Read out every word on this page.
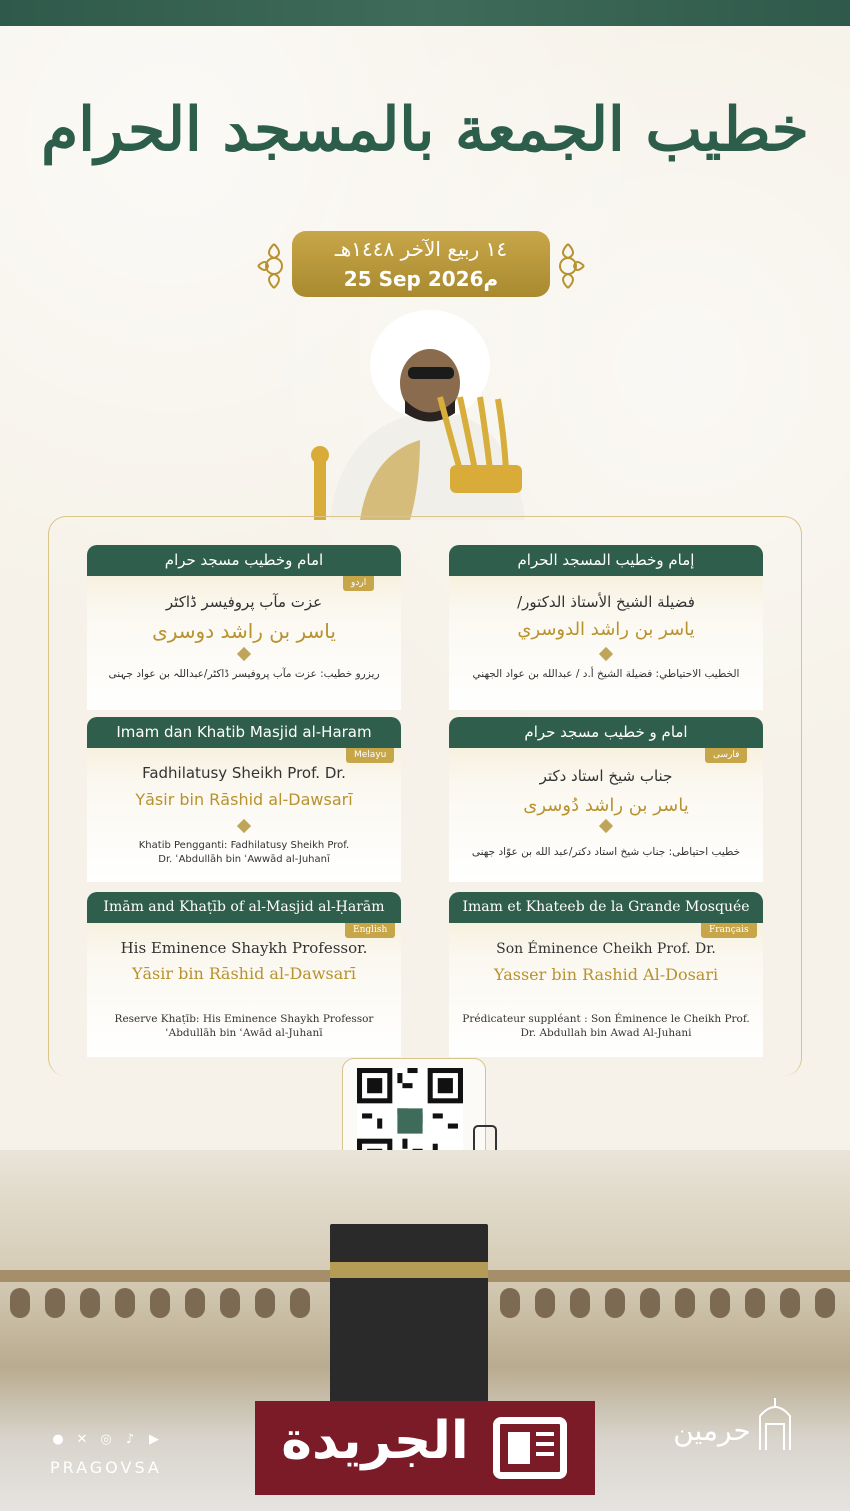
خطيب الجمعة بالمسجد الحرام
١٤ ربيع الآخر ١٤٤٨هـ
25 Sep 2026م
امام وخطیب مسجد حرام
اردو
عزت مآب پروفیسر ڈاکٹر
یاسر بن راشد دوسری
ریزرو خطیب: عزت مآب پروفیسر ڈاکٹر/عبداللہ بن عواد جہنی
إمام وخطيب المسجد الحرام
فضيلة الشيخ الأستاذ الدكتور/
ياسر بن راشد الدوسري
الخطيب الاحتياطي: فضيلة الشيخ أ.د / عبدالله بن عواد الجهني
Imam dan Khatib Masjid al-Haram
Melayu
Fadhilatusy Sheikh Prof. Dr.
Yāsir bin Rāshid al-Dawsarī
Khatib Pengganti: Fadhilatusy Sheikh Prof.
Dr. ʿAbdullāh bin ʿAwwād al-Juhanī
امام و خطیب مسجد حرام
فارسی
جناب شیخ استاد دکتر
یاسر بن راشد دُوسری
خطیب احتیاطی: جناب شیخ استاد دکتر/عبد الله بن عوّاد جهنی
Imām and Khaṭīb of al-Masjid al-Ḥarām
English
His Eminence Shaykh Professor.
Yāsir bin Rāshid al-Dawsarī
Reserve Khaṭīb: His Eminence Shaykh Professor
ʿAbdullāh bin ʿAwād al-Juhanī
Imam et Khateeb de la Grande Mosquée
Français
Son Éminence Cheikh Prof. Dr.
Yasser bin Rashid Al-Dosari
Prédicateur suppléant : Son Éminence le Cheikh Prof.
Dr. Abdullah bin Awad Al-Juhani
● ✕ ◎ ♪ ▶
PRAGOVSA الجريدة	حرمين
